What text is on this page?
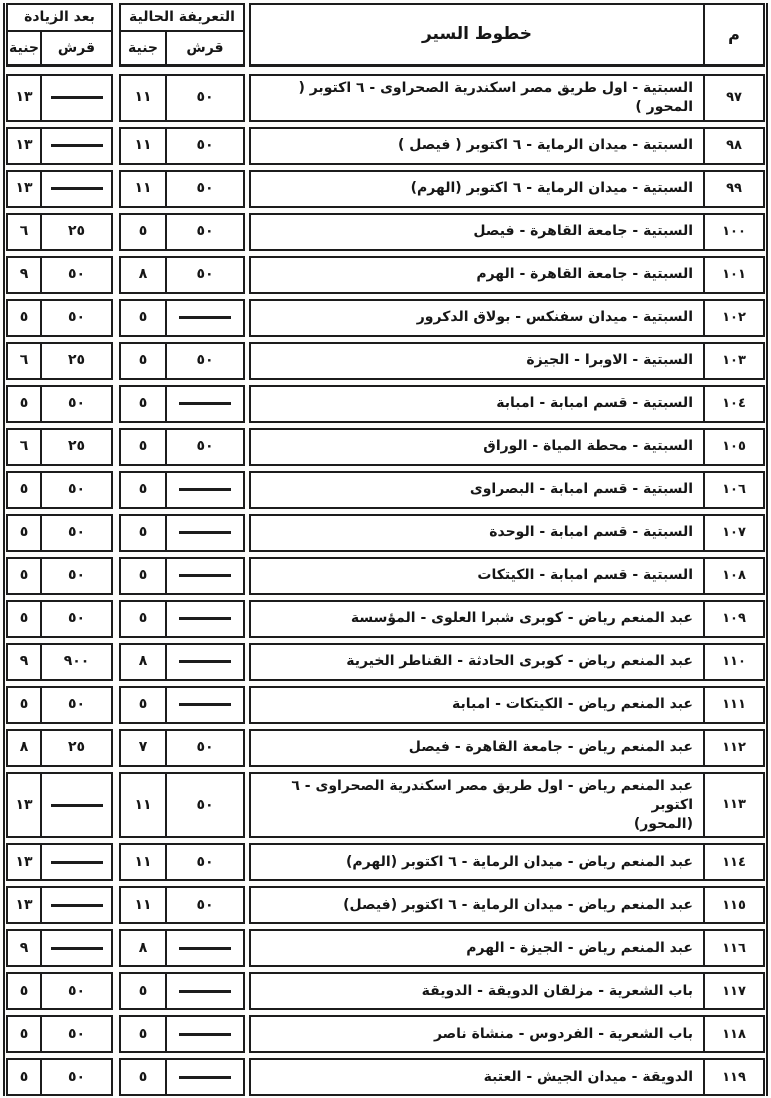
م
خطوط السير
التعريفة الحالية
قرش
جنية
بعد الزيادة
قرش
جنية
٩٧
السبتية - اول طريق مصر اسكندرية الصحراوى - ٦ اكتوبر ( المحور )
٥٠
١١
١٣
٩٨
السبتية - ميدان الرماية - ٦ اكتوبر ( فيصل )
٥٠
١١
١٣
٩٩
السبتية - ميدان الرماية - ٦ اكتوبر (الهرم)
٥٠
١١
١٣
١٠٠
السبتية - جامعة القاهرة - فيصل
٥٠
٥
٢٥
٦
١٠١
السبتية - جامعة القاهرة - الهرم
٥٠
٨
٥٠
٩
١٠٢
السبتية - ميدان سفنكس - بولاق الدكرور
٥
٥٠
٥
١٠٣
السبتية - الاوبرا - الجيزة
٥٠
٥
٢٥
٦
١٠٤
السبتية - قسم امبابة - امبابة
٥
٥٠
٥
١٠٥
السبتية - محطة المياة - الوراق
٥٠
٥
٢٥
٦
١٠٦
السبتية - قسم امبابة - البصراوى
٥
٥٠
٥
١٠٧
السبتية - قسم امبابة - الوحدة
٥
٥٠
٥
١٠٨
السبتية - قسم امبابة - الكيتكات
٥
٥٠
٥
١٠٩
عبد المنعم رياض - كوبرى شبرا العلوى - المؤسسة
٥
٥٠
٥
١١٠
عبد المنعم رياض - كوبرى الحادثة - القناطر الخيرية
٨
٩٠٠
٩
١١١
عبد المنعم رياض - الكيتكات - امبابة
٥
٥٠
٥
١١٢
عبد المنعم رياض - جامعة القاهرة - فيصل
٥٠
٧
٢٥
٨
١١٣
عبد المنعم رياض - اول طريق مصر اسكندرية الصحراوى - ٦ اكتوبر
(المحور)
٥٠
١١
١٣
١١٤
عبد المنعم رياض - ميدان الرماية - ٦ اكتوبر (الهرم)
٥٠
١١
١٣
١١٥
عبد المنعم رياض - ميدان الرماية - ٦ اكتوبر (فيصل)
٥٠
١١
١٣
١١٦
عبد المنعم رياض - الجيزة - الهرم
٨
٩
١١٧
باب الشعرية - مزلقان الدويقة - الدويقة
٥
٥٠
٥
١١٨
باب الشعرية - الفردوس - منشاة ناصر
٥
٥٠
٥
١١٩
الدويقة - ميدان الجيش - العتبة
٥
٥٠
٥
